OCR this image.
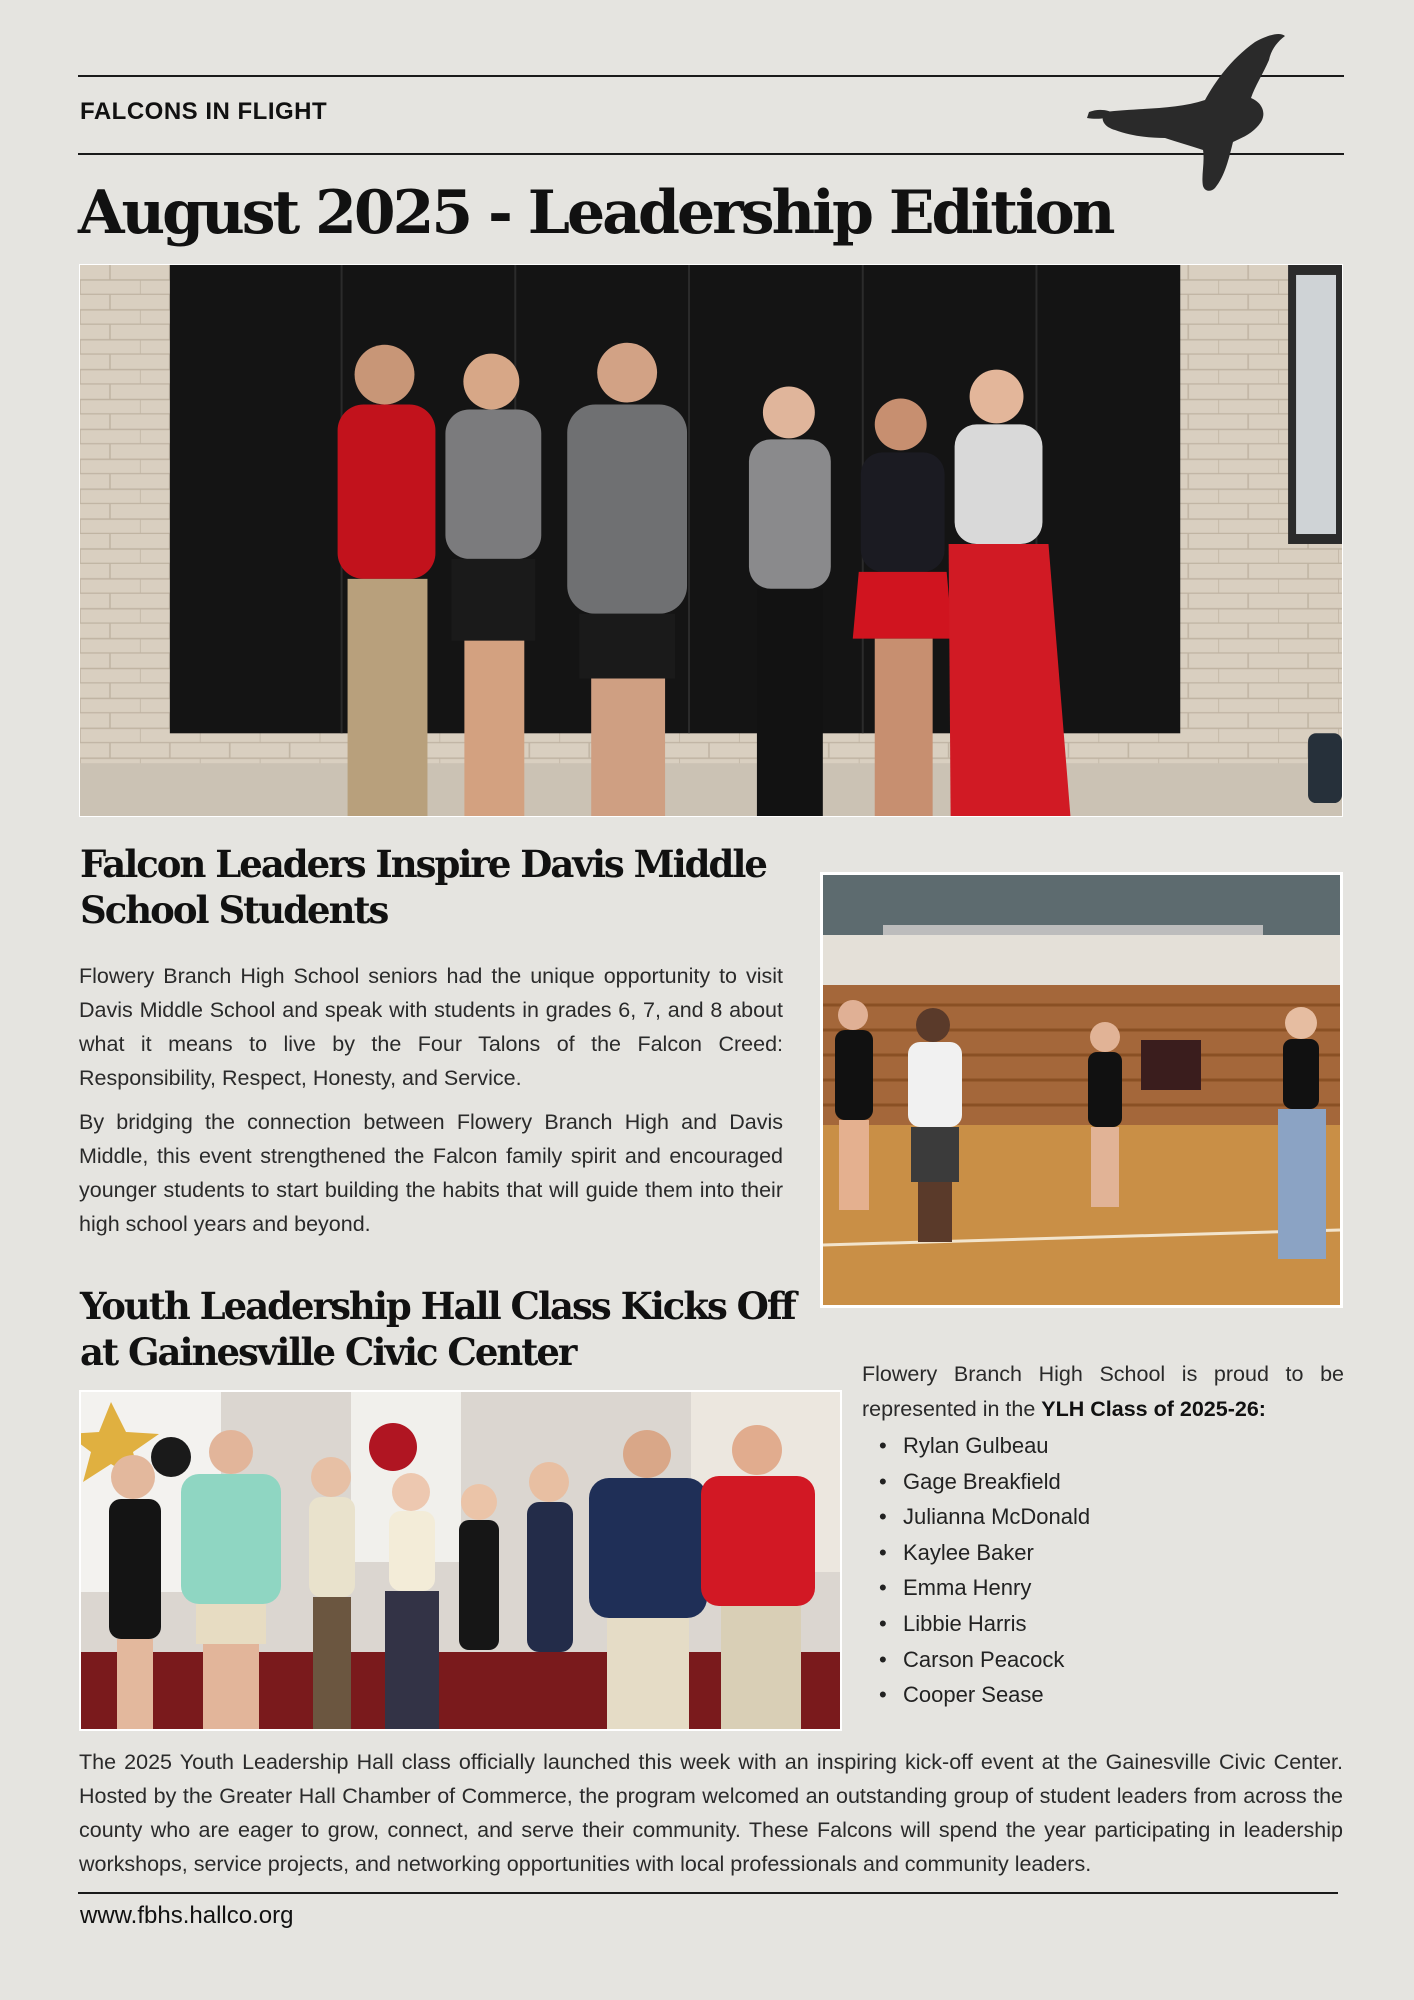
FALCONS IN FLIGHT
August 2025 - Leadership Edition
Falcon Leaders Inspire Davis Middle School Students

Flowery Branch High School seniors had the unique opportunity to visit Davis Middle School and speak with students in grades 6, 7, and 8 about what it means to live by the Four Talons of the Falcon Creed: Responsibility, Respect, Honesty, and Service.

By bridging the connection between Flowery Branch High and Davis Middle, this event strengthened the Falcon family spirit and encouraged younger students to start building the habits that will guide them into their high school years and beyond.

Youth Leadership Hall Class Kicks Off at Gainesville Civic Center	Flowery Branch High School is proud to be represented in the YLH Class of 2025-26:

• Rylan Gulbeau
• Gage Breakfield
• Julianna McDonald
• Kaylee Baker
• Emma Henry
• Libbie Harris
• Carson Peacock
• Cooper Sease

The 2025 Youth Leadership Hall class officially launched this week with an inspiring kick-off event at the Gainesville Civic Center. Hosted by the Greater Hall Chamber of Commerce, the program welcomed an outstanding group of student leaders from across the county who are eager to grow, connect, and serve their community. These Falcons will spend the year participating in leadership workshops, service projects, and networking opportunities with local professionals and community leaders.

www.fbhs.hallco.org
